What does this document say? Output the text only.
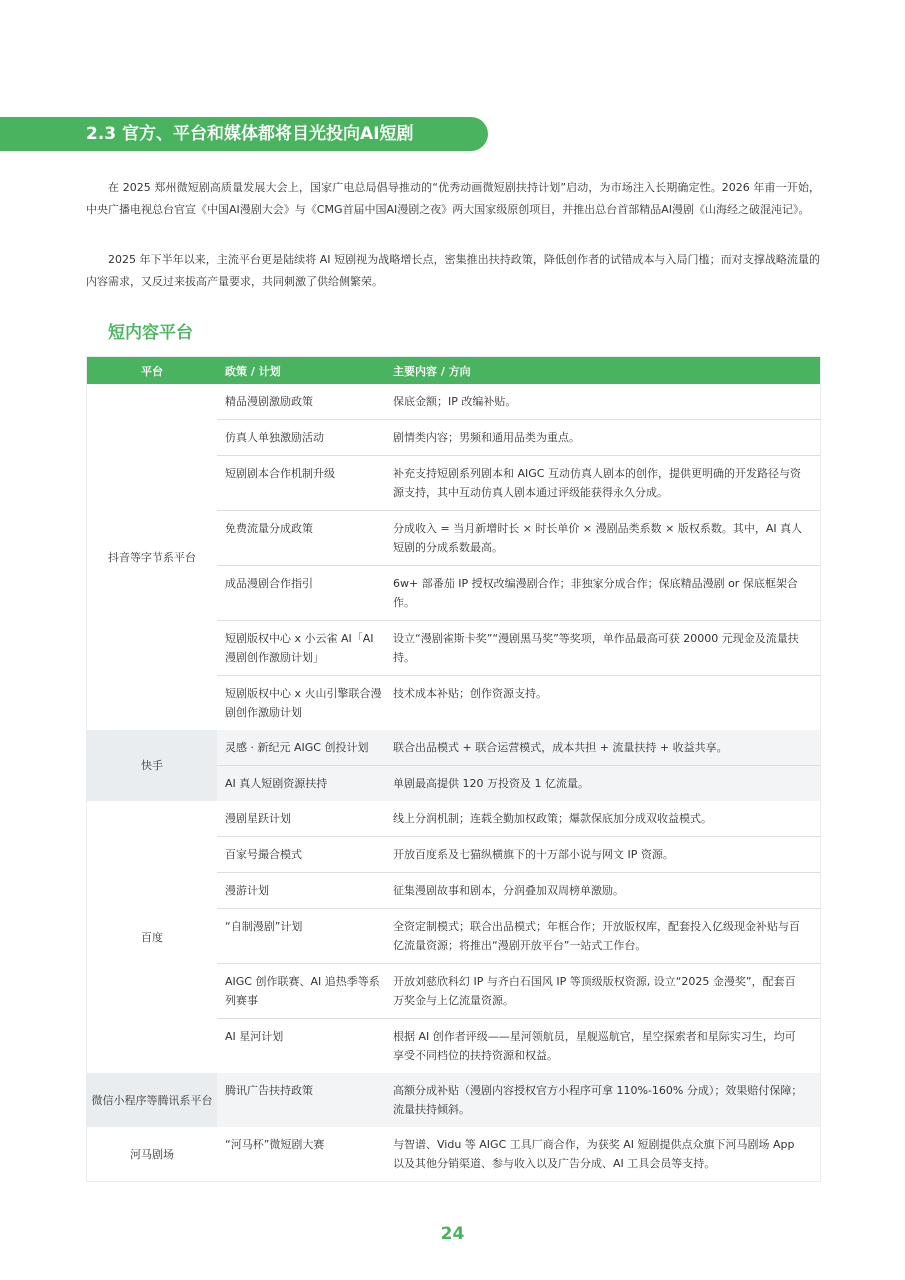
2.3 官方、平台和媒体都将目光投向AI短剧
在 2025 郑州微短剧高质量发展大会上，国家广电总局倡导推动的“优秀动画微短剧扶持计划”启动，为市场注入长期确定性。2026 年甫一开始，中央广播电视总台官宣《中国AI漫剧大会》与《CMG首届中国AI漫剧之夜》两大国家级原创项目，并推出总台首部精品AI漫剧《山海经之破混沌记》。
2025 年下半年以来，主流平台更是陆续将 AI 短剧视为战略增长点，密集推出扶持政策，降低创作者的试错成本与入局门槛；而对支撑战略流量的内容需求，又反过来拔高产量要求，共同刺激了供给侧繁荣。
短内容平台
平台	政策 / 计划	主要内容 / 方向
抖音等字节系平台	精品漫剧激励政策	保底金额；IP 改编补贴。
	仿真人单独激励活动	剧情类内容；男频和通用品类为重点。
	短剧剧本合作机制升级	补充支持短剧系列剧本和 AIGC 互动仿真人剧本的创作，提供更明确的开发路径与资源支持，其中互动仿真人剧本通过评级能获得永久分成。
	免费流量分成政策	分成收入 = 当月新增时长 × 时长单价 × 漫剧品类系数 × 版权系数。其中，AI 真人短剧的分成系数最高。
	成品漫剧合作指引	6w+ 部番茄 IP 授权改编漫剧合作；非独家分成合作；保底精品漫剧 or 保底框架合作。
	短剧版权中心 x 小云雀 AI「AI 漫剧创作激励计划」	设立“漫剧雀斯卡奖”“漫剧黑马奖”等奖项，单作品最高可获 20000 元现金及流量扶持。
	短剧版权中心 x 火山引擎联合漫剧创作激励计划	技术成本补贴；创作资源支持。
快手	灵感 · 新纪元 AIGC 创投计划	联合出品模式 + 联合运营模式，成本共担 + 流量扶持 + 收益共享。
	AI 真人短剧资源扶持	单剧最高提供 120 万投资及 1 亿流量。
百度	漫剧星跃计划	线上分润机制；连载全勤加权政策；爆款保底加分成双收益模式。
	百家号撮合模式	开放百度系及七猫纵横旗下的十万部小说与网文 IP 资源。
	漫游计划	征集漫剧故事和剧本，分润叠加双周榜单激励。
	“自制漫剧”计划	全资定制模式；联合出品模式；年框合作；开放版权库，配套投入亿级现金补贴与百亿流量资源；将推出“漫剧开放平台”一站式工作台。
	AIGC 创作联赛、AI 追热季等系列赛事	开放刘慈欣科幻 IP 与齐白石国风 IP 等顶级版权资源, 设立“2025 金漫奖”，配套百万奖金与上亿流量资源。
	AI 星河计划	根据 AI 创作者评级——星河领航员，星舰巡航官，星空探索者和星际实习生，均可享受不同档位的扶持资源和权益。
微信小程序等腾讯系平台	腾讯广告扶持政策	高额分成补贴（漫剧内容授权官方小程序可拿 110%-160% 分成）；效果赔付保障；流量扶持倾斜。
河马剧场	“河马杯”微短剧大赛	与智谱、Vidu 等 AIGC 工具厂商合作，为获奖 AI 短剧提供点众旗下河马剧场 App 以及其他分销渠道、参与收入以及广告分成、AI 工具会员等支持。
24
